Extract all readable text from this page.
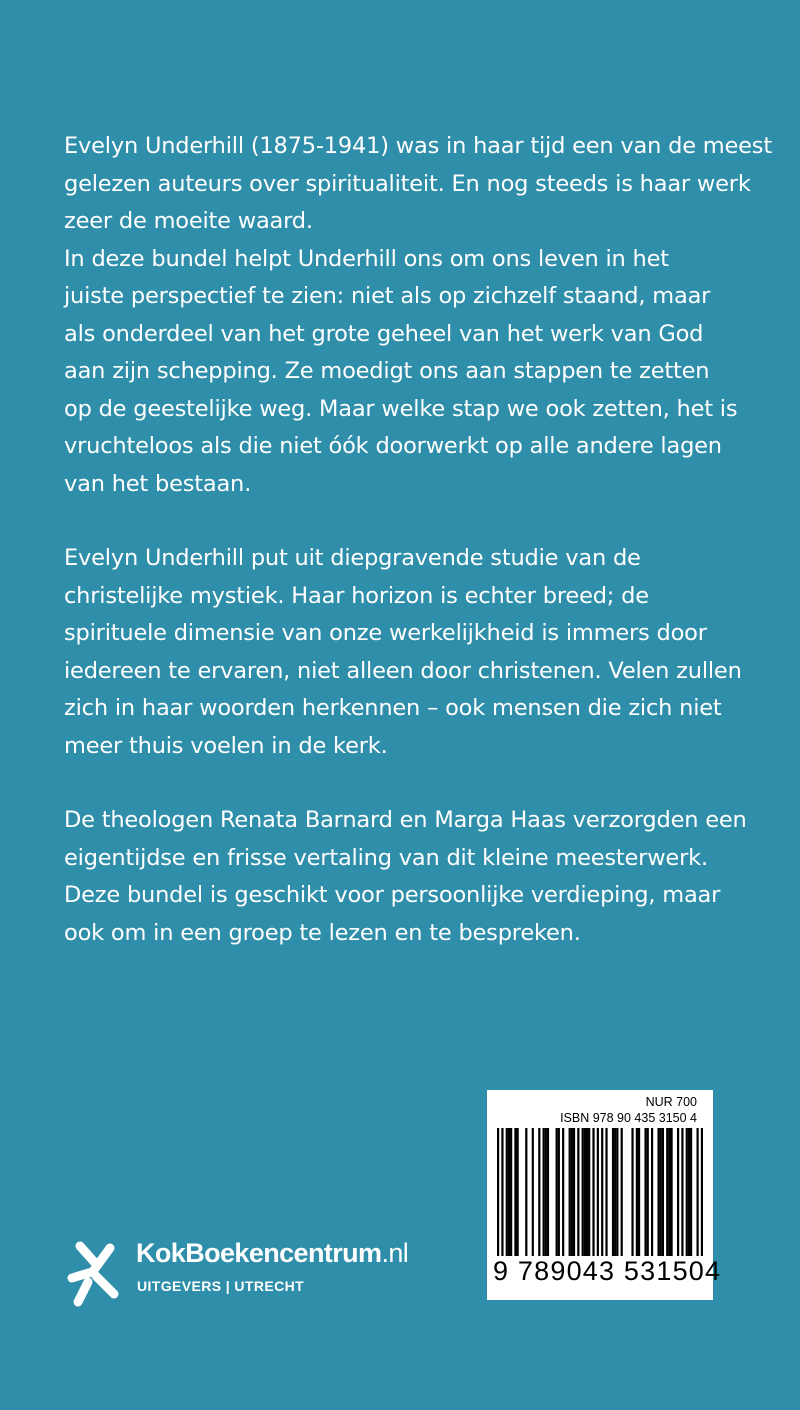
Evelyn Underhill (1875-1941) was in haar tijd een van de meest
gelezen auteurs over spiritualiteit. En nog steeds is haar werk
zeer de moeite waard.
In deze bundel helpt Underhill ons om ons leven in het
juiste perspectief te zien: niet als op zichzelf staand, maar
als onderdeel van het grote geheel van het werk van God
aan zijn schepping. Ze moedigt ons aan stappen te zetten
op de geestelijke weg. Maar welke stap we ook zetten, het is
vruchteloos als die niet óók doorwerkt op alle andere lagen
van het bestaan.

Evelyn Underhill put uit diepgravende studie van de
christelijke mystiek. Haar horizon is echter breed; de
spirituele dimensie van onze werkelijkheid is immers door
iedereen te ervaren, niet alleen door christenen. Velen zullen
zich in haar woorden herkennen – ook mensen die zich niet
meer thuis voelen in de kerk.

De theologen Renata Barnard en Marga Haas verzorgden een
eigentijdse en frisse vertaling van dit kleine meesterwerk.
Deze bundel is geschikt voor persoonlijke verdieping, maar
ook om in een groep te lezen en te bespreken.

KokBoekencentrum.nl
UITGEVERS | UTRECHT
NUR 700
ISBN 978 90 435 3150 4
9 789043 531504
